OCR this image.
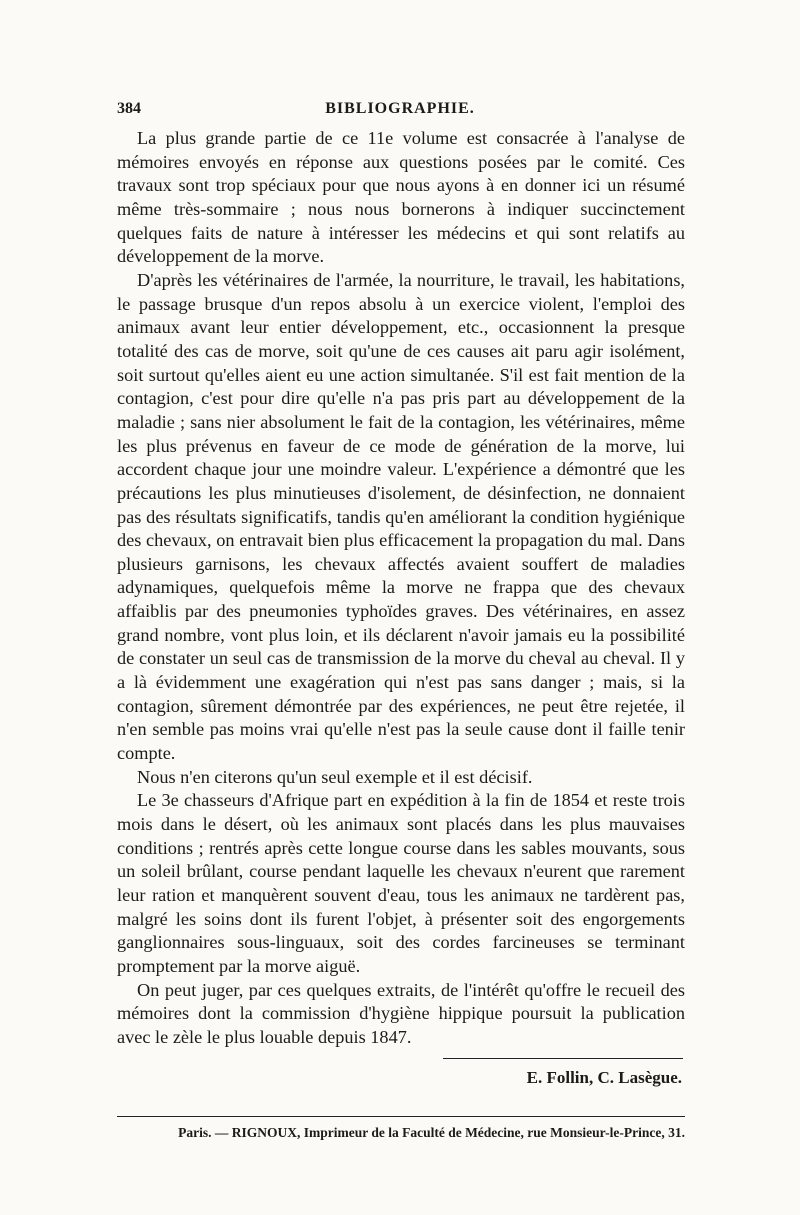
384	BIBLIOGRAPHIE.

La plus grande partie de ce 11e volume est consacrée à l'analyse de mémoires envoyés en réponse aux questions posées par le comité. Ces travaux sont trop spéciaux pour que nous ayons à en donner ici un résumé même très-sommaire ; nous nous bornerons à indiquer succinctement quelques faits de nature à intéresser les médecins et qui sont relatifs au développement de la morve.

D'après les vétérinaires de l'armée, la nourriture, le travail, les habitations, le passage brusque d'un repos absolu à un exercice violent, l'emploi des animaux avant leur entier développement, etc., occasionnent la presque totalité des cas de morve, soit qu'une de ces causes ait paru agir isolément, soit surtout qu'elles aient eu une action simultanée. S'il est fait mention de la contagion, c'est pour dire qu'elle n'a pas pris part au développement de la maladie ; sans nier absolument le fait de la contagion, les vétérinaires, même les plus prévenus en faveur de ce mode de génération de la morve, lui accordent chaque jour une moindre valeur. L'expérience a démontré que les précautions les plus minutieuses d'isolement, de désinfection, ne donnaient pas des résultats significatifs, tandis qu'en améliorant la condition hygiénique des chevaux, on entravait bien plus efficacement la propagation du mal. Dans plusieurs garnisons, les chevaux affectés avaient souffert de maladies adynamiques, quelquefois même la morve ne frappa que des chevaux affaiblis par des pneumonies typhoïdes graves. Des vétérinaires, en assez grand nombre, vont plus loin, et ils déclarent n'avoir jamais eu la possibilité de constater un seul cas de transmission de la morve du cheval au cheval. Il y a là évidemment une exagération qui n'est pas sans danger ; mais, si la contagion, sûrement démontrée par des expériences, ne peut être rejetée, il n'en semble pas moins vrai qu'elle n'est pas la seule cause dont il faille tenir compte.

Nous n'en citerons qu'un seul exemple et il est décisif.

Le 3e chasseurs d'Afrique part en expédition à la fin de 1854 et reste trois mois dans le désert, où les animaux sont placés dans les plus mauvaises conditions ; rentrés après cette longue course dans les sables mouvants, sous un soleil brûlant, course pendant laquelle les chevaux n'eurent que rarement leur ration et manquèrent souvent d'eau, tous les animaux ne tardèrent pas, malgré les soins dont ils furent l'objet, à présenter soit des engorgements ganglionnaires sous-linguaux, soit des cordes farcineuses se terminant promptement par la morve aiguë.

On peut juger, par ces quelques extraits, de l'intérêt qu'offre le recueil des mémoires dont la commission d'hygiène hippique poursuit la publication avec le zèle le plus louable depuis 1847.

E. Follin, C. Lasègue.
Paris. — RIGNOUX, Imprimeur de la Faculté de Médecine, rue Monsieur-le-Prince, 31.
